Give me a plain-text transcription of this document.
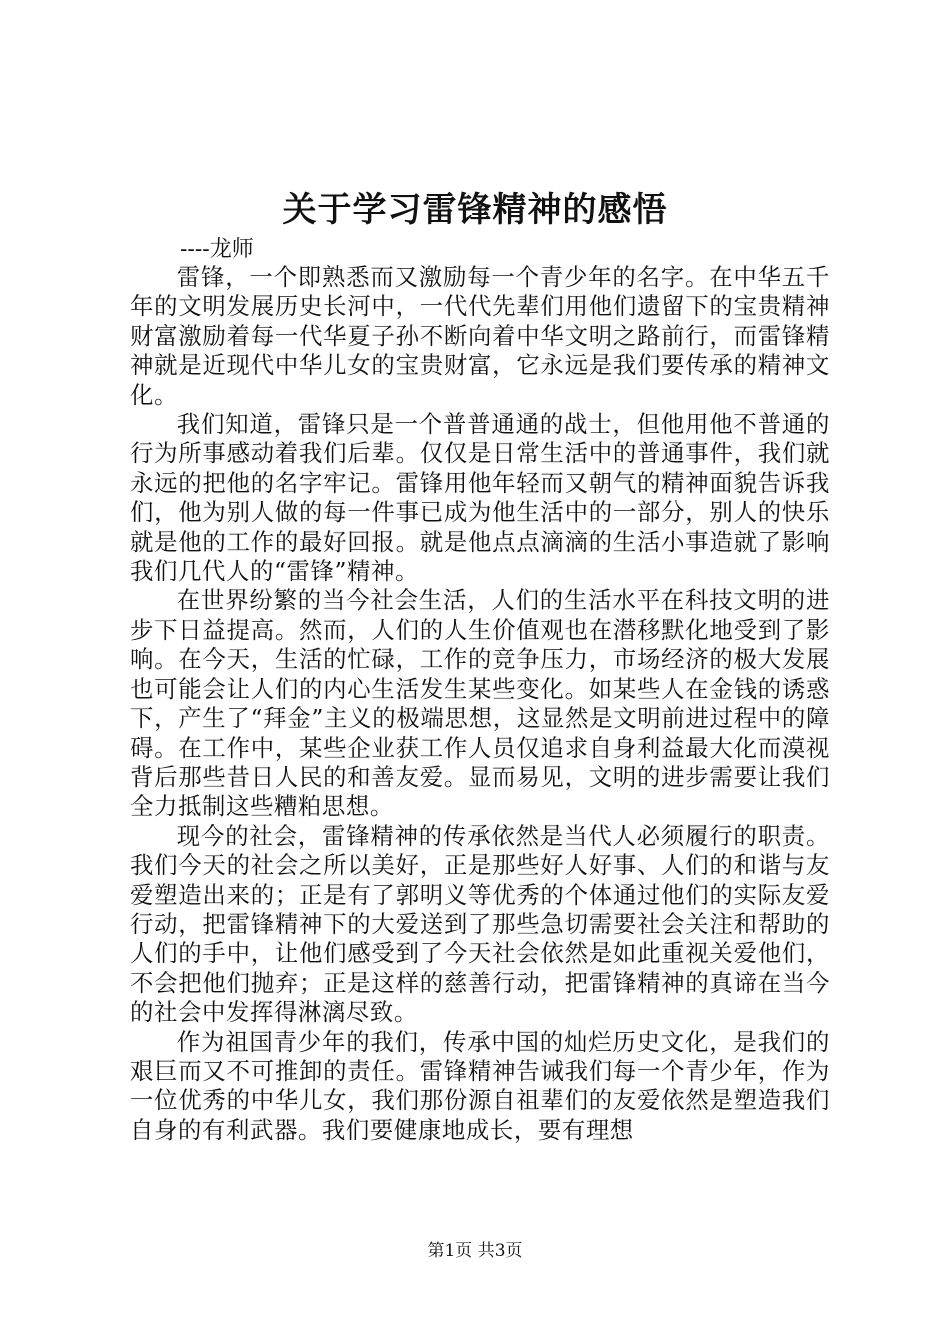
关于学习雷锋精神的感悟

----龙师

雷锋，一个即熟悉而又激励每一个青少年的名字。在中华五千年的文明发展历史长河中，一代代先辈们用他们遗留下的宝贵精神财富激励着每一代华夏子孙不断向着中华文明之路前行，而雷锋精神就是近现代中华儿女的宝贵财富，它永远是我们要传承的精神文化。

我们知道，雷锋只是一个普普通通的战士，但他用他不普通的行为所事感动着我们后辈。仅仅是日常生活中的普通事件，我们就永远的把他的名字牢记。雷锋用他年轻而又朝气的精神面貌告诉我们，他为别人做的每一件事已成为他生活中的一部分，别人的快乐就是他的工作的最好回报。就是他点点滴滴的生活小事造就了影响我们几代人的“雷锋”精神。

在世界纷繁的当今社会生活，人们的生活水平在科技文明的进步下日益提高。然而，人们的人生价值观也在潜移默化地受到了影响。在今天，生活的忙碌，工作的竞争压力，市场经济的极大发展也可能会让人们的内心生活发生某些变化。如某些人在金钱的诱惑下，产生了“拜金”主义的极端思想，这显然是文明前进过程中的障碍。在工作中，某些企业获工作人员仅追求自身利益最大化而漠视背后那些昔日人民的和善友爱。显而易见，文明的进步需要让我们全力抵制这些糟粕思想。

现今的社会，雷锋精神的传承依然是当代人必须履行的职责。我们今天的社会之所以美好，正是那些好人好事、人们的和谐与友爱塑造出来的；正是有了郭明义等优秀的个体通过他们的实际友爱行动，把雷锋精神下的大爱送到了那些急切需要社会关注和帮助的人们的手中，让他们感受到了今天社会依然是如此重视关爱他们，不会把他们抛弃；正是这样的慈善行动，把雷锋精神的真谛在当今的社会中发挥得淋漓尽致。

作为祖国青少年的我们，传承中国的灿烂历史文化，是我们的艰巨而又不可推卸的责任。雷锋精神告诫我们每一个青少年，作为一位优秀的中华儿女，我们那份源自祖辈们的友爱依然是塑造我们自身的有利武器。我们要健康地成长，要有理想

第1页 共3页
